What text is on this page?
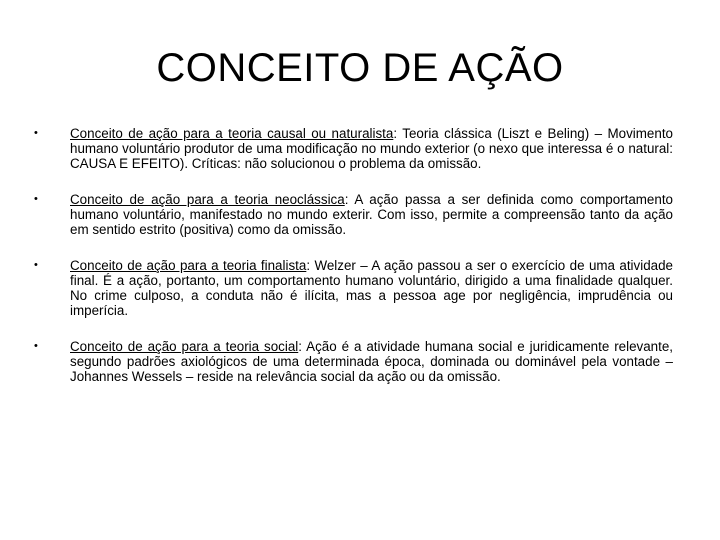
CONCEITO DE AÇÃO
• Conceito de ação para a teoria causal ou naturalista: Teoria clássica (Liszt e Beling) – Movimento humano voluntário produtor de uma modificação no mundo exterior (o nexo que interessa é o natural: CAUSA E EFEITO). Críticas: não solucionou o problema da omissão.
• Conceito de ação para a teoria neoclássica: A ação passa a ser definida como comportamento humano voluntário, manifestado no mundo exterir. Com isso, permite a compreensão tanto da ação em sentido estrito (positiva) como da omissão.
• Conceito de ação para a teoria finalista: Welzer – A ação passou a ser o exercício de uma atividade final. É a ação, portanto, um comportamento humano voluntário, dirigido a uma finalidade qualquer. No crime culposo, a conduta não é ilícita, mas a pessoa age por negligência, imprudência ou imperícia.
• Conceito de ação para a teoria social: Ação é a atividade humana social e juridicamente relevante, segundo padrões axiológicos de uma determinada época, dominada ou dominável pela vontade – Johannes Wessels – reside na relevância social da ação ou da omissão.
